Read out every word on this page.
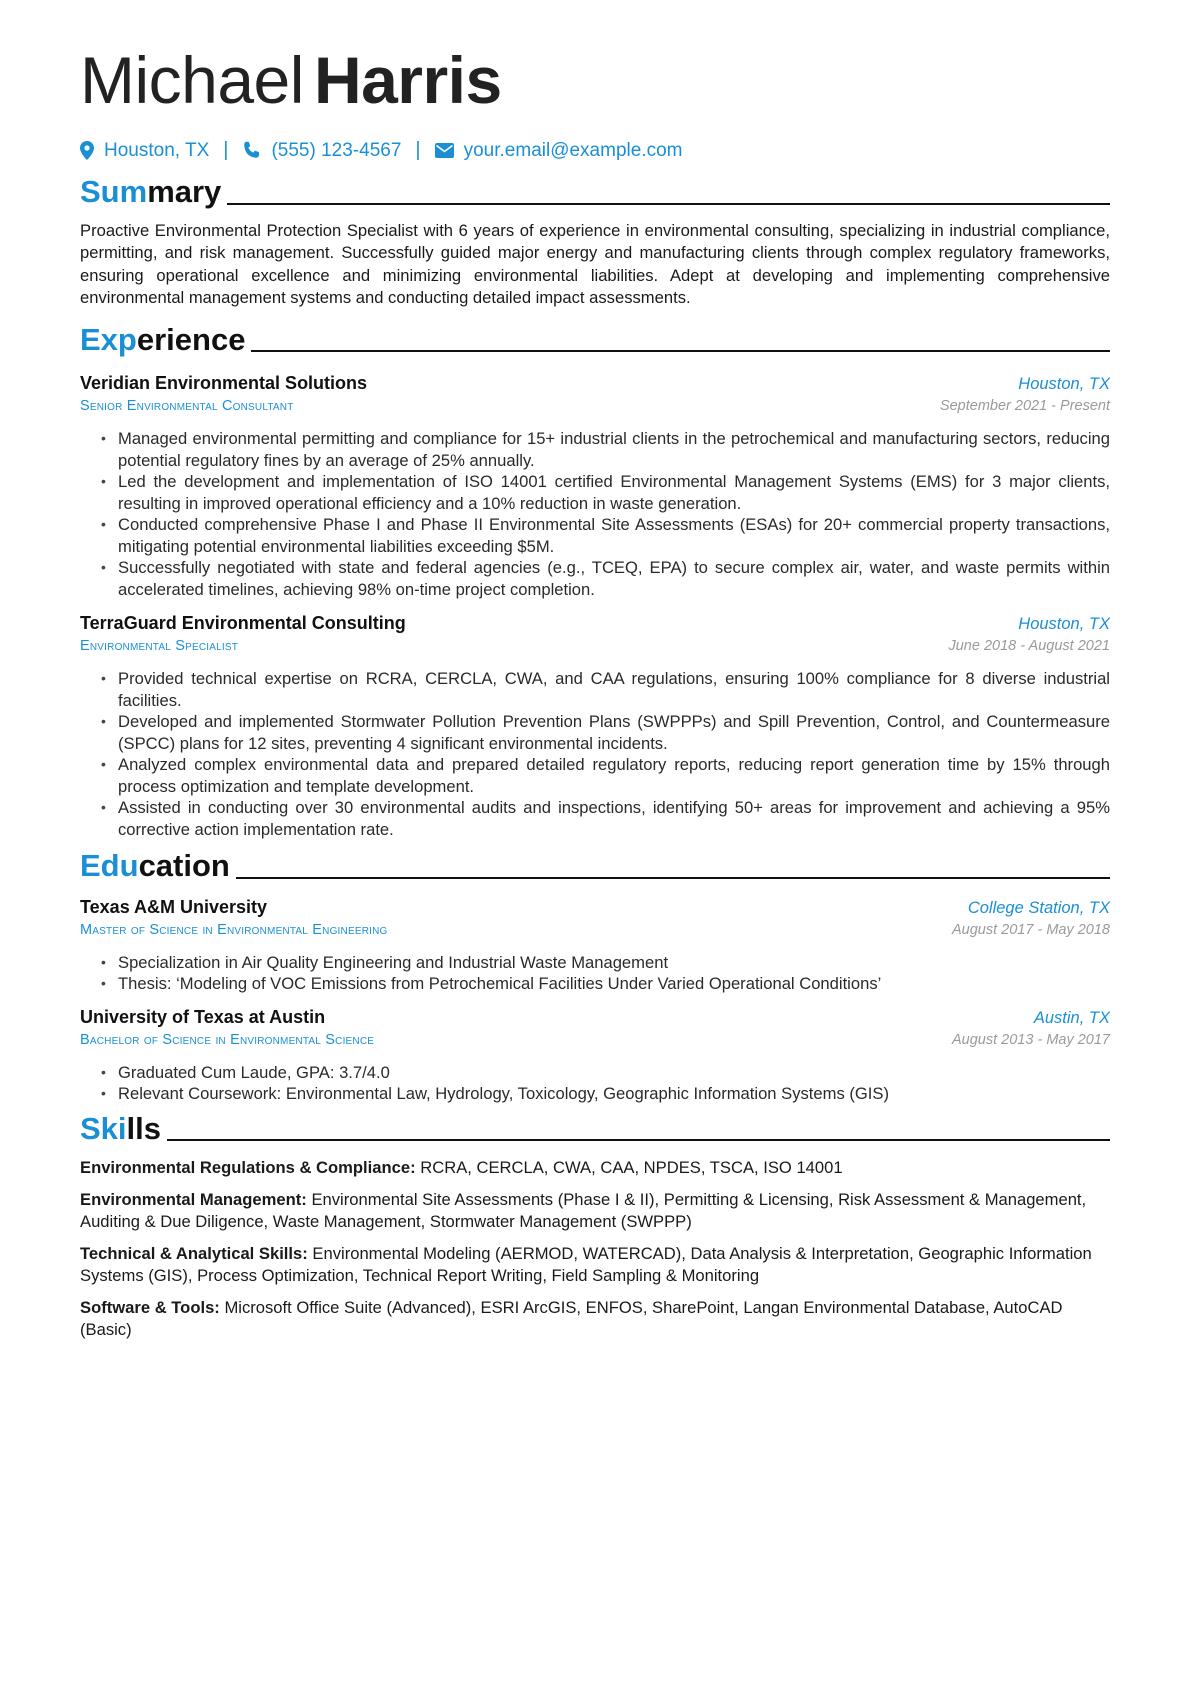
Michael Harris
Houston, TX | (555) 123-4567 | your.email@example.com
Summary

Proactive Environmental Protection Specialist with 6 years of experience in environmental consulting, specializing in industrial compliance, permitting, and risk management. Successfully guided major energy and manufacturing clients through complex regulatory frameworks, ensuring operational excellence and minimizing environmental liabilities. Adept at developing and implementing comprehensive environmental management systems and conducting detailed impact assessments.

Experience
Veridian Environmental Solutions	Houston, TX
Senior Environmental Consultant	September 2021 - Present
• Managed environmental permitting and compliance for 15+ industrial clients in the petrochemical and manufacturing sectors, reducing potential regulatory fines by an average of 25% annually.
• Led the development and implementation of ISO 14001 certified Environmental Management Systems (EMS) for 3 major clients, resulting in improved operational efficiency and a 10% reduction in waste generation.
• Conducted comprehensive Phase I and Phase II Environmental Site Assessments (ESAs) for 20+ commercial property transactions, mitigating potential environmental liabilities exceeding $5M.
• Successfully negotiated with state and federal agencies (e.g., TCEQ, EPA) to secure complex air, water, and waste permits within accelerated timelines, achieving 98% on-time project completion.
TerraGuard Environmental Consulting	Houston, TX
Environmental Specialist	June 2018 - August 2021
• Provided technical expertise on RCRA, CERCLA, CWA, and CAA regulations, ensuring 100% compliance for 8 diverse industrial facilities.
• Developed and implemented Stormwater Pollution Prevention Plans (SWPPPs) and Spill Prevention, Control, and Countermeasure (SPCC) plans for 12 sites, preventing 4 significant environmental incidents.
• Analyzed complex environmental data and prepared detailed regulatory reports, reducing report generation time by 15% through process optimization and template development.
• Assisted in conducting over 30 environmental audits and inspections, identifying 50+ areas for improvement and achieving a 95% corrective action implementation rate.
Education
Texas A&M University	College Station, TX
Master of Science in Environmental Engineering	August 2017 - May 2018
• Specialization in Air Quality Engineering and Industrial Waste Management
• Thesis: ‘Modeling of VOC Emissions from Petrochemical Facilities Under Varied Operational Conditions’
University of Texas at Austin	Austin, TX
Bachelor of Science in Environmental Science	August 2013 - May 2017
• Graduated Cum Laude, GPA: 3.7/4.0
• Relevant Coursework: Environmental Law, Hydrology, Toxicology, Geographic Information Systems (GIS)
Skills
Environmental Regulations & Compliance: RCRA, CERCLA, CWA, CAA, NPDES, TSCA, ISO 14001
Environmental Management: Environmental Site Assessments (Phase I & II), Permitting & Licensing, Risk Assessment & Management, Auditing & Due Diligence, Waste Management, Stormwater Management (SWPPP)
Technical & Analytical Skills: Environmental Modeling (AERMOD, WATERCAD), Data Analysis & Interpretation, Geographic Information Systems (GIS), Process Optimization, Technical Report Writing, Field Sampling & Monitoring
Software & Tools: Microsoft Office Suite (Advanced), ESRI ArcGIS, ENFOS, SharePoint, Langan Environmental Database, AutoCAD (Basic)
